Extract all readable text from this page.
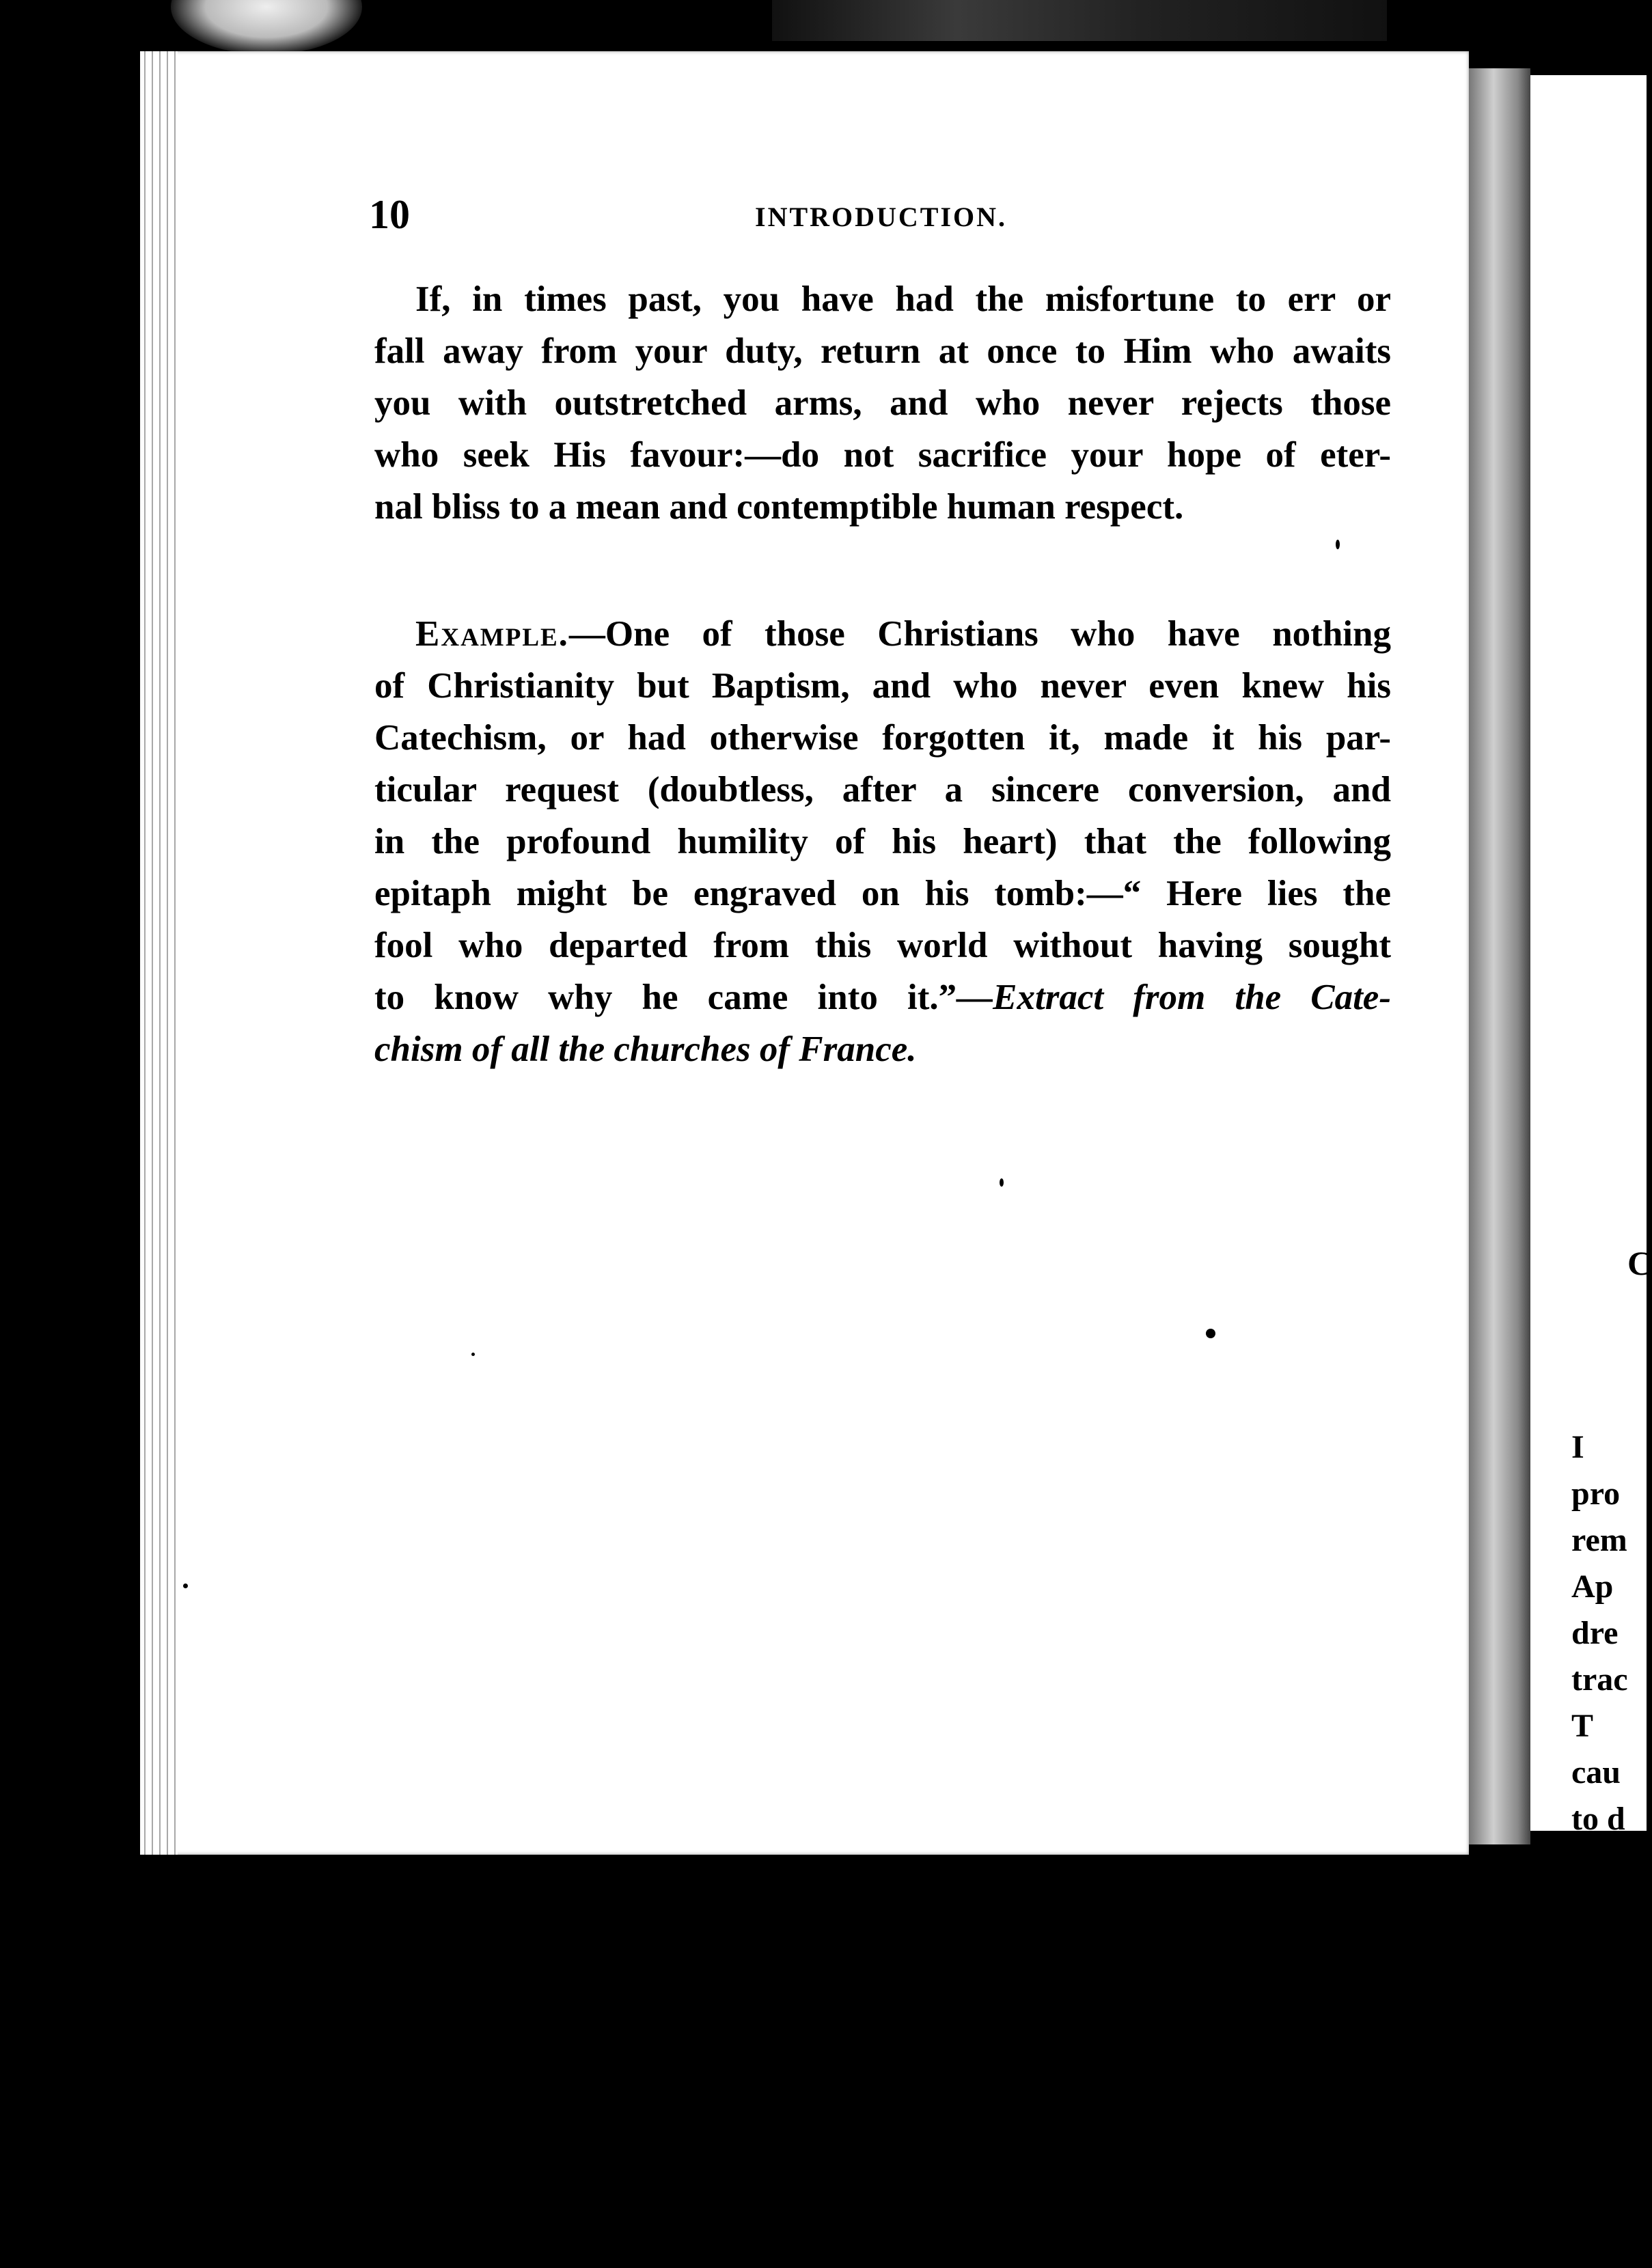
C
I
pro
rem
Ap
dre
trac
T
cau
to d
con
is b
T
10	INTRODUCTION.
If, in times past, you have had the misfortune to err or
fall away from your duty, return at once to Him who awaits
you with outstretched arms, and who never rejects those
who seek His favour:—do not sacrifice your hope of eter-
nal bliss to a mean and contemptible human respect.
Example.—One of those Christians who have nothing
of Christianity but Baptism, and who never even knew his
Catechism, or had otherwise forgotten it, made it his par-
ticular request (doubtless, after a sincere conversion, and
in the profound humility of his heart) that the following
epitaph might be engraved on his tomb:—“ Here lies the
fool who departed from this world without having sought
to know why he came into it.”—Extract from the Cate-
chism of all the churches of France.
